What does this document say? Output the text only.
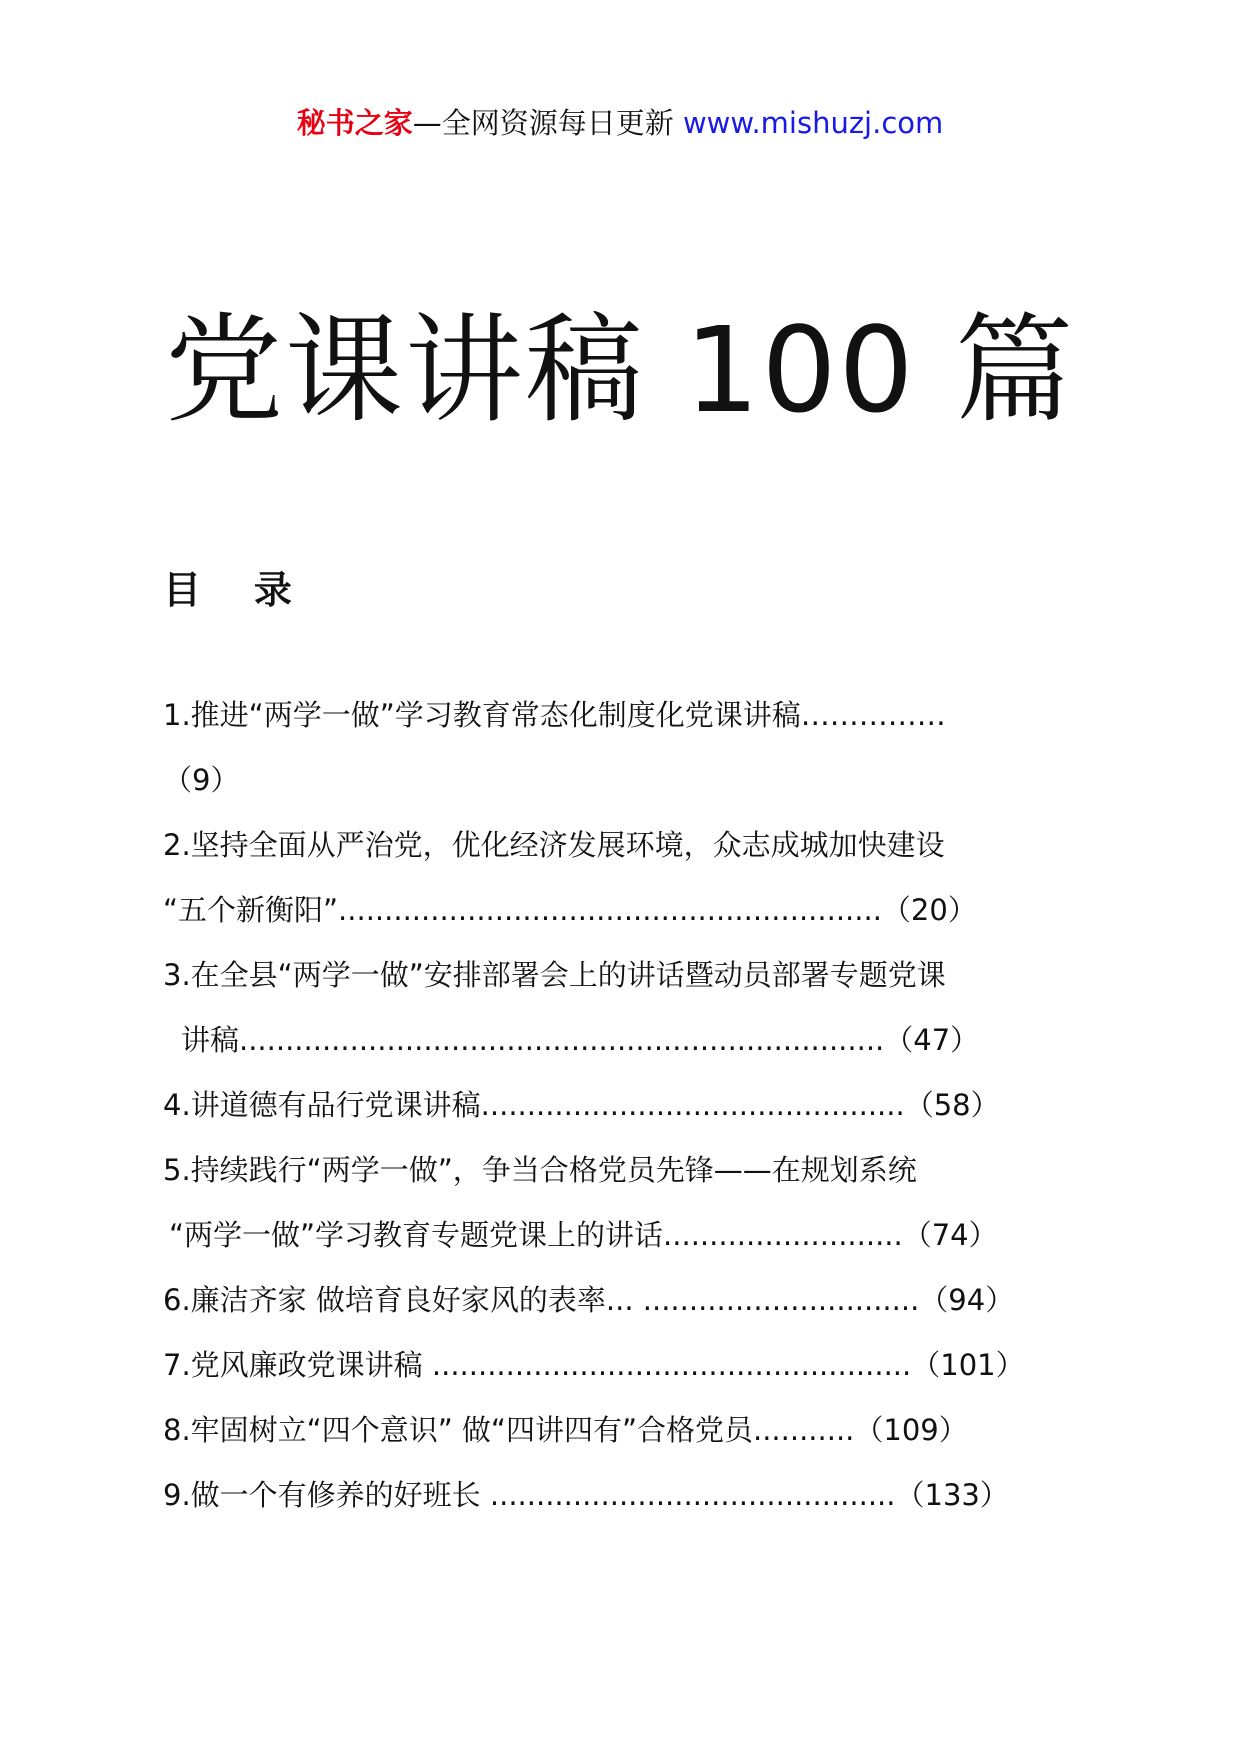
秘书之家—全网资源每日更新 www.mishuzj.com
党课讲稿 100 篇
目    录
1.推进“两学一做”学习教育常态化制度化党课讲稿……………
（9）
2.坚持全面从严治党，优化经济发展环境，众志成城加快建设
“五个新衡阳”...........................................................（20）
3.在全县“两学一做”安排部署会上的讲话暨动员部署专题党课
讲稿......................................................................（47）
4.讲道德有品行党课讲稿..............................................（58）
5.持续践行“两学一做”，争当合格党员先锋——在规划系统
“两学一做”学习教育专题党课上的讲话..........................（74）
6.廉洁齐家 做培育良好家风的表率... ..............................（94）
7.党风廉政党课讲稿 ....................................................（101）
8.牢固树立“四个意识” 做“四讲四有”合格党员...........（109）
9.做一个有修养的好班长 ............................................（133）
